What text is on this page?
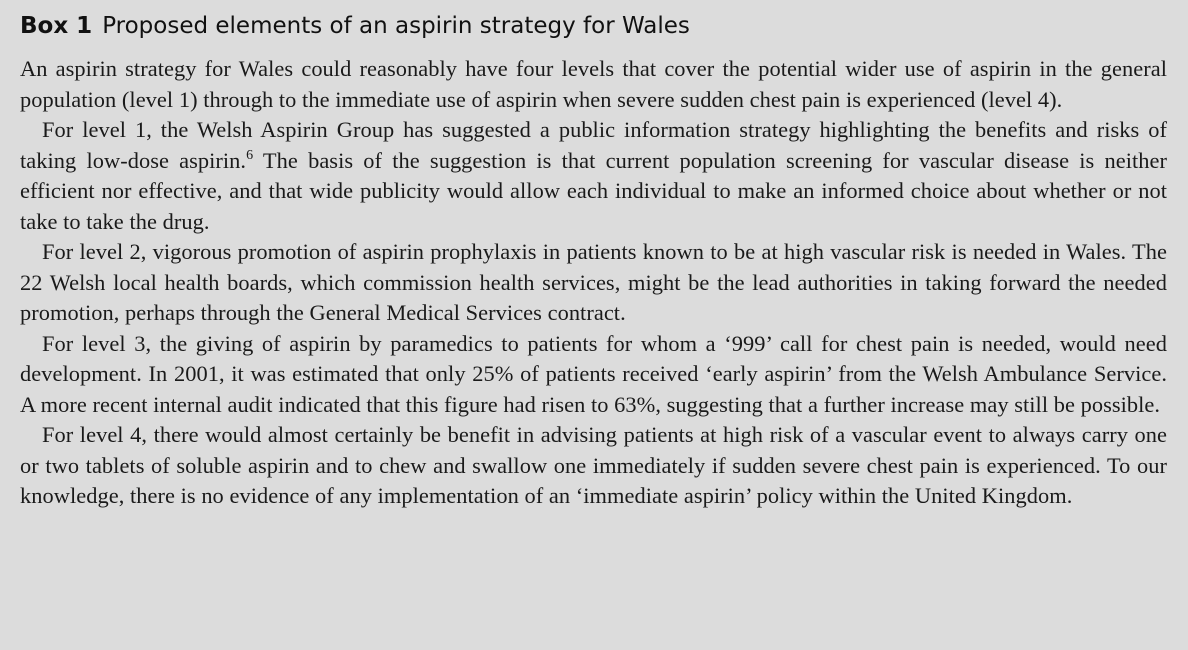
Box 1 Proposed elements of an aspirin strategy for Wales

An aspirin strategy for Wales could reasonably have four levels that cover the potential wider use of aspirin in the general population (level 1) through to the immediate use of aspirin when severe sudden chest pain is experienced (level 4).

For level 1, the Welsh Aspirin Group has suggested a public information strategy highlighting the benefits and risks of taking low-dose aspirin.$^6$ The basis of the suggestion is that current population screening for vascular disease is neither efficient nor effective, and that wide publicity would allow each individual to make an informed choice about whether or not take to take the drug.

For level 2, vigorous promotion of aspirin prophylaxis in patients known to be at high vascular risk is needed in Wales. The 22 Welsh local health boards, which commission health services, might be the lead authorities in taking forward the needed promotion, perhaps through the General Medical Services contract.

For level 3, the giving of aspirin by paramedics to patients for whom a ‘999’ call for chest pain is needed, would need development. In 2001, it was estimated that only 25% of patients received ‘early aspirin’ from the Welsh Ambulance Service. A more recent internal audit indicated that this figure had risen to 63%, suggesting that a further increase may still be possible.

For level 4, there would almost certainly be benefit in advising patients at high risk of a vascular event to always carry one or two tablets of soluble aspirin and to chew and swallow one immediately if sudden severe chest pain is experienced. To our knowledge, there is no evidence of any implementation of an ‘immediate aspirin’ policy within the United Kingdom.
